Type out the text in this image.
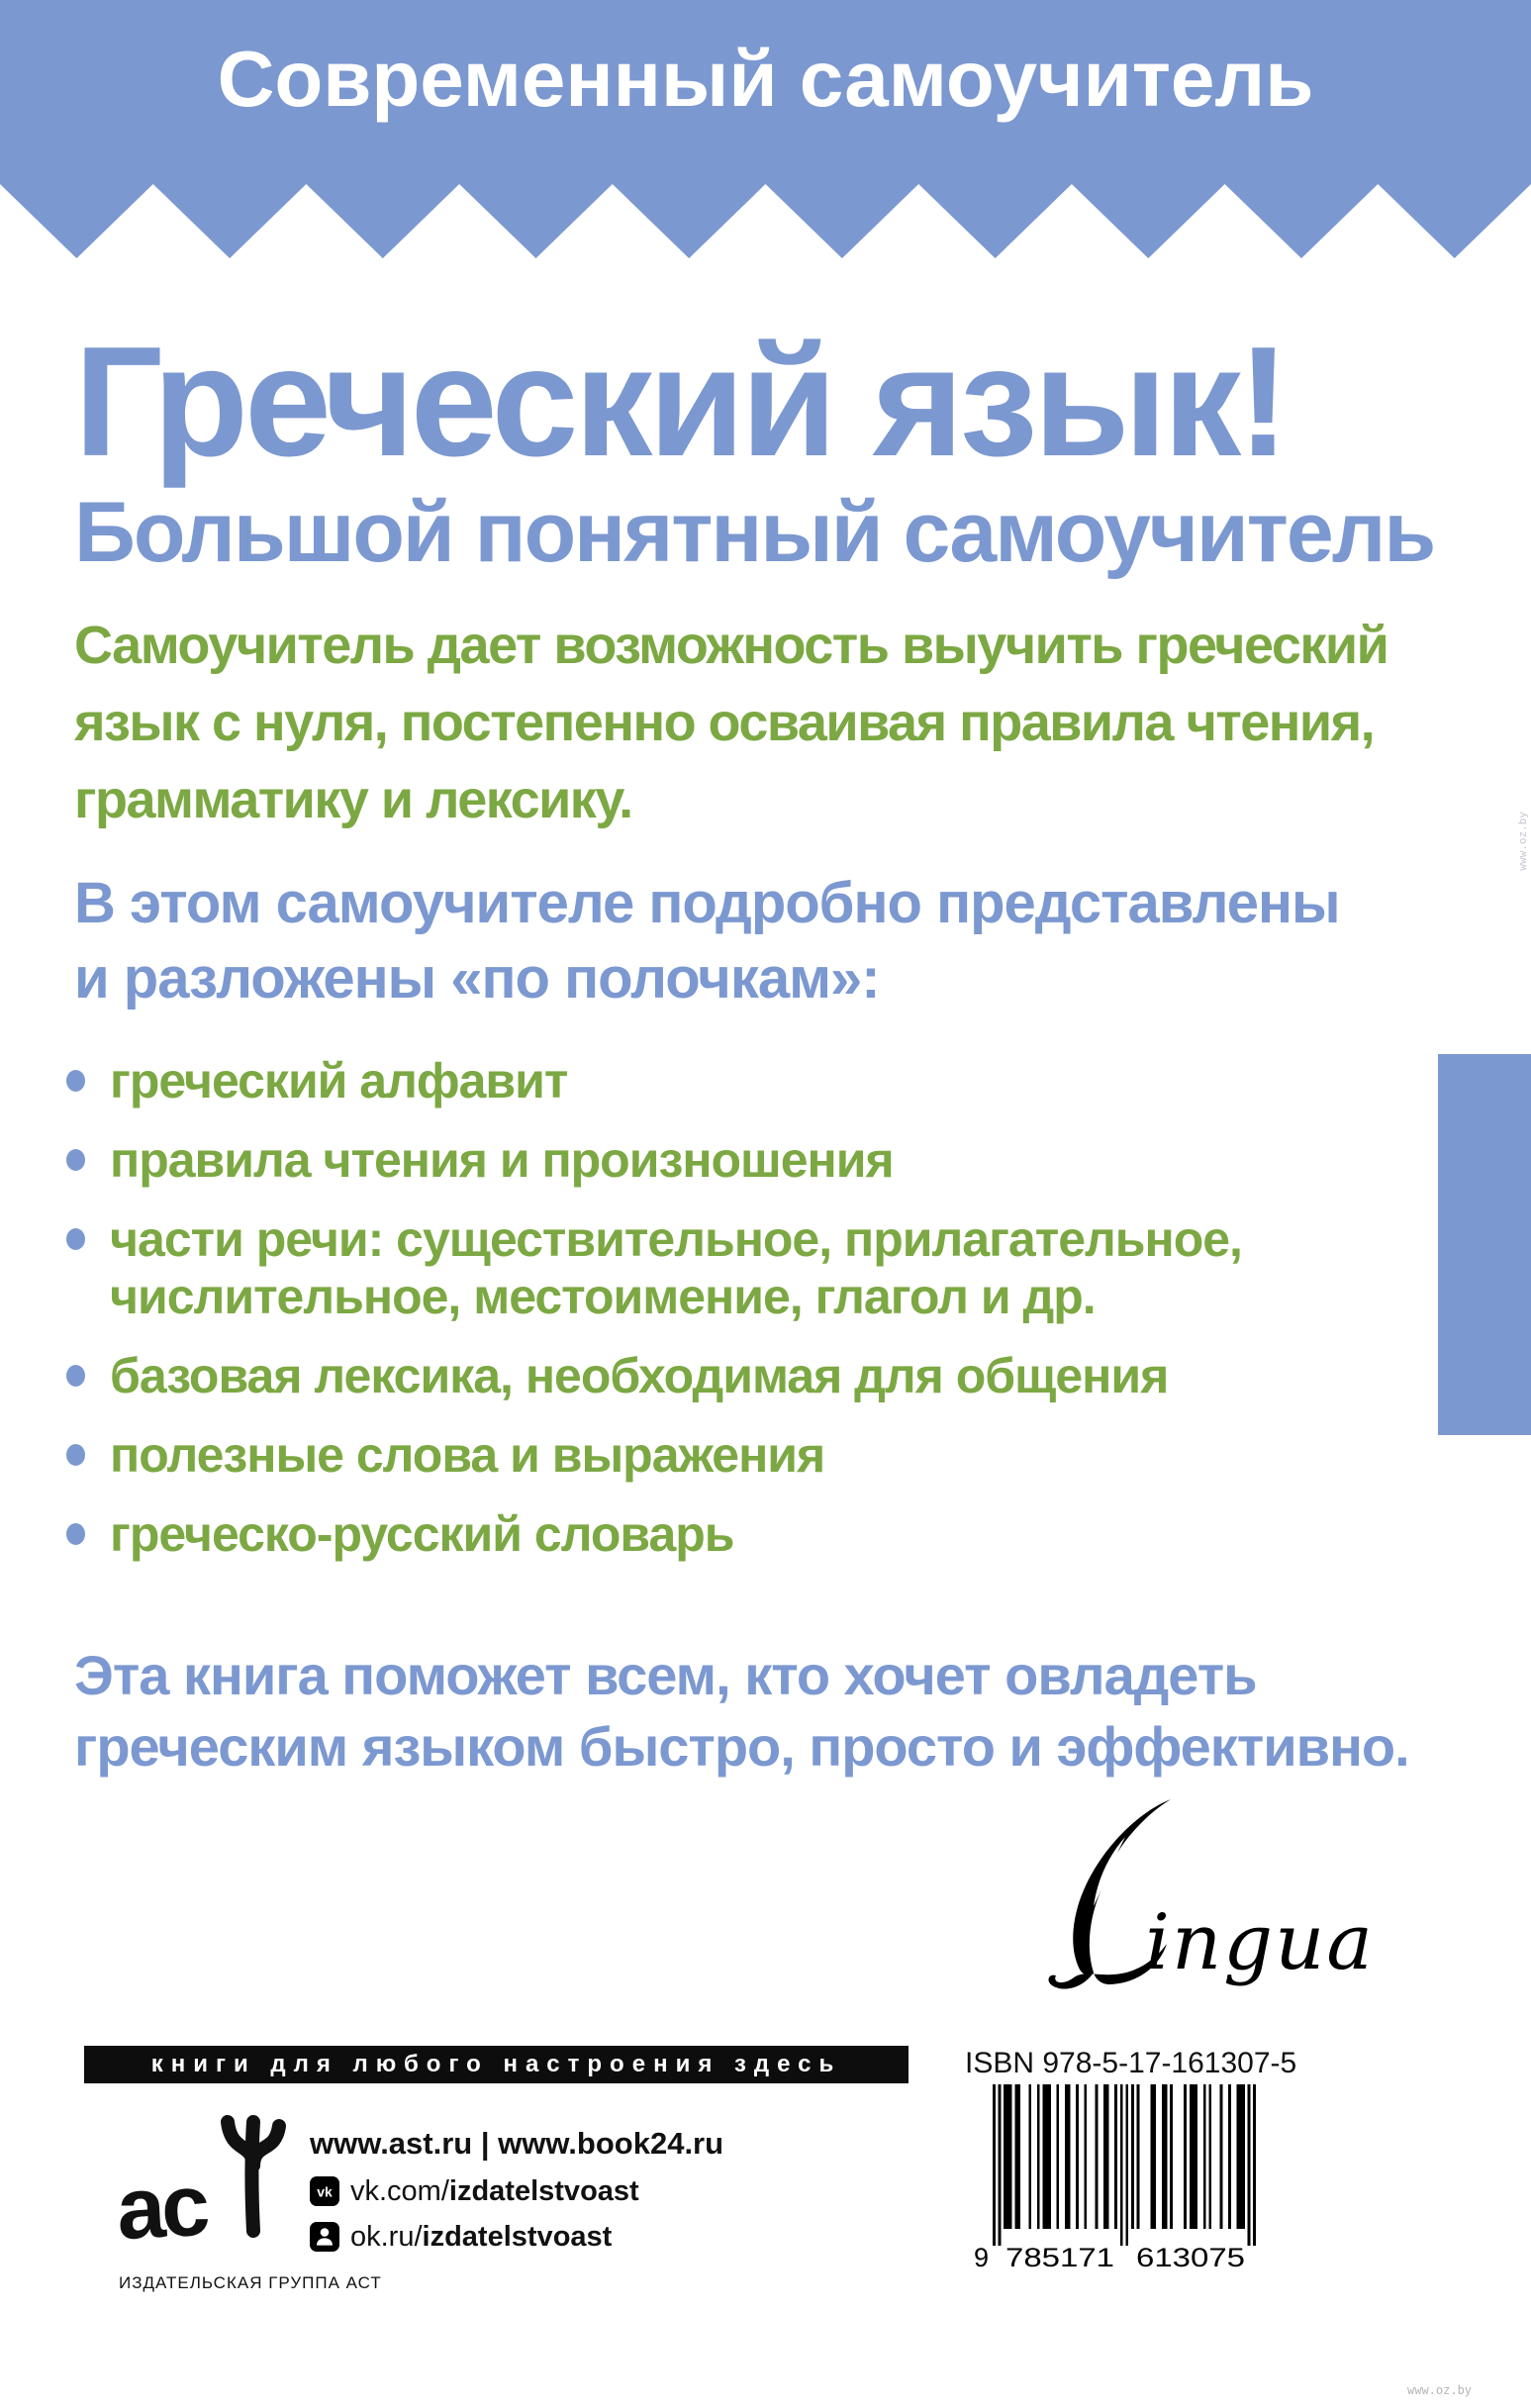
Современный самоучитель
Греческий язык!
Большой понятный самоучитель
Самоучитель дает возможность выучить греческий
язык с нуля, постепенно осваивая правила чтения,
грамматику и лексику.
В этом самоучителе подробно представлены
и разложены «по полочкам»:
греческий алфавит
правила чтения и произношения
части речи: существительное, прилагательное, числительное, местоимение, глагол и др.
базовая лексика, необходимая для общения
полезные слова и выражения
греческо-русский словарь
Эта книга поможет всем, кто хочет овладеть
греческим языком быстро, просто и эффективно.
ingua
книги для любого настроения здесь
ас
ИЗДАТЕЛЬСКАЯ ГРУППА АСТ
www.ast.ru | www.book24.ru
vk vk.com/izdatelstvoast
ok.ru/izdatelstvoast
ISBN 978-5-17-161307-5
9 785171 613075
www.oz.by
www.oz.by
